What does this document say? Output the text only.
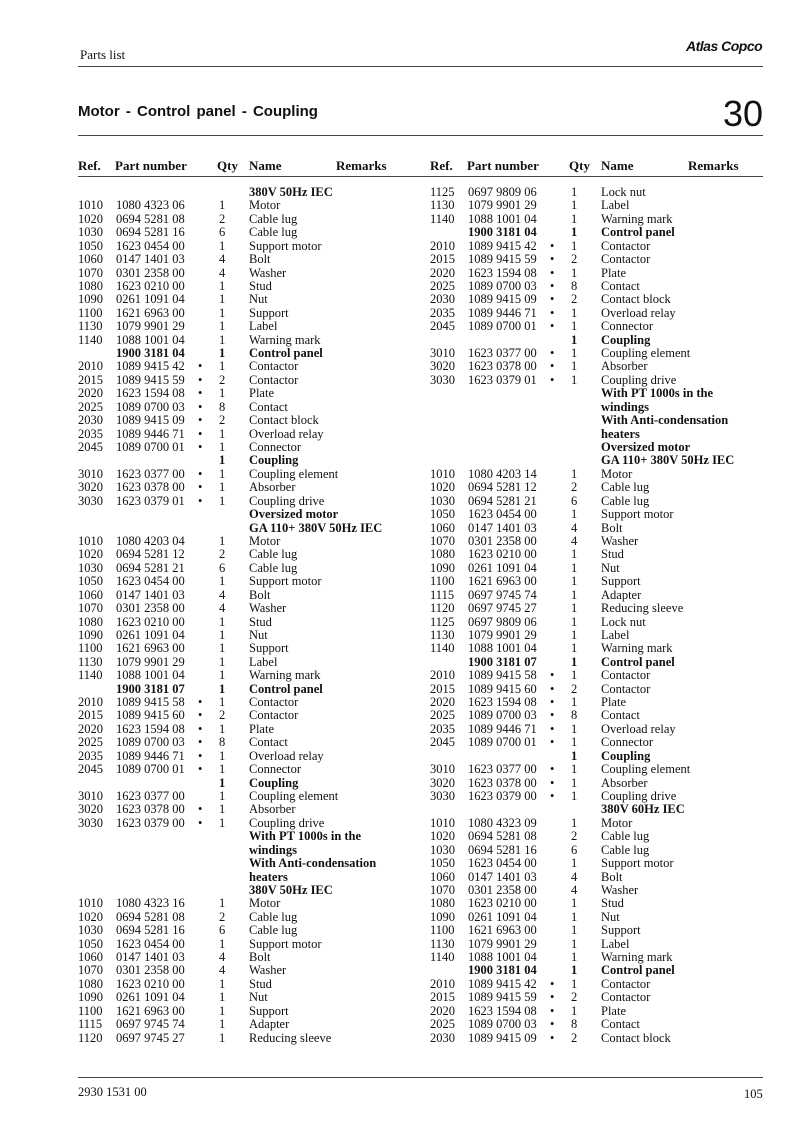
Parts list
Atlas Copco
Motor - Control panel - Coupling	30
Ref. Part number Qty Name	Remarks	Ref. Part number Qty Name	Remarks
380V 50Hz IEC
1010 1080 4323 06	1 Motor
1020 0694 5281 08	2 Cable lug
1030 0694 5281 16	6 Cable lug
1050 1623 0454 00	1 Support motor
1060 0147 1401 03	4 Bolt
1070 0301 2358 00	4 Washer
1080 1623 0210 00	1 Stud
1090 0261 1091 04	1 Nut
1100 1621 6963 00	1 Support
1130 1079 9901 29	1 Label
1140 1088 1001 04	1 Warning mark
1900 3181 04	1 Control panel
2010 1089 9415 42 • 1 Contactor
2015 1089 9415 59 • 2 Contactor
2020 1623 1594 08 • 1 Plate
2025 1089 0700 03 • 8 Contact
2030 1089 9415 09 • 2 Contact block
2035 1089 9446 71 • 1 Overload relay
2045 1089 0700 01 • 1 Connector
1 Coupling
3010 1623 0377 00 • 1 Coupling element
3020 1623 0378 00 • 1 Absorber
3030 1623 0379 01 • 1 Coupling drive
Oversized motor
GA 110+ 380V 50Hz IEC
1010 1080 4203 04	1 Motor
1020 0694 5281 12	2 Cable lug
1030 0694 5281 21	6 Cable lug
1050 1623 0454 00	1 Support motor
1060 0147 1401 03	4 Bolt
1070 0301 2358 00	4 Washer
1080 1623 0210 00	1 Stud
1090 0261 1091 04	1 Nut
1100 1621 6963 00	1 Support
1130 1079 9901 29	1 Label
1140 1088 1001 04	1 Warning mark
1900 3181 07	1 Control panel
2010 1089 9415 58 • 1 Contactor
2015 1089 9415 60 • 2 Contactor
2020 1623 1594 08 • 1 Plate
2025 1089 0700 03 • 8 Contact
2035 1089 9446 71 • 1 Overload relay
2045 1089 0700 01 • 1 Connector
1 Coupling
3010 1623 0377 00	1 Coupling element
3020 1623 0378 00 • 1 Absorber
3030 1623 0379 00 • 1 Coupling drive
With PT 1000s in the
windings
With Anti-condensation
heaters
380V 50Hz IEC
1010 1080 4323 16	1 Motor
1020 0694 5281 08	2 Cable lug
1030 0694 5281 16	6 Cable lug
1050 1623 0454 00	1 Support motor
1060 0147 1401 03	4 Bolt
1070 0301 2358 00	4 Washer
1080 1623 0210 00	1 Stud
1090 0261 1091 04	1 Nut
1100 1621 6963 00	1 Support
1115 0697 9745 74	1 Adapter
1120 0697 9745 27	1 Reducing sleeve
1125 0697 9809 06	1 Lock nut
1130 1079 9901 29	1 Label
1140 1088 1001 04	1 Warning mark
1900 3181 04	1 Control panel
2010 1089 9415 42 • 1 Contactor
2015 1089 9415 59 • 2 Contactor
2020 1623 1594 08 • 1 Plate
2025 1089 0700 03 • 8 Contact
2030 1089 9415 09 • 2 Contact block
2035 1089 9446 71 • 1 Overload relay
2045 1089 0700 01 • 1 Connector
1 Coupling
3010 1623 0377 00 • 1 Coupling element
3020 1623 0378 00 • 1 Absorber
3030 1623 0379 01 • 1 Coupling drive
With PT 1000s in the
windings
With Anti-condensation
heaters
Oversized motor
GA 110+ 380V 50Hz IEC
1010 1080 4203 14	1 Motor
1020 0694 5281 12	2 Cable lug
1030 0694 5281 21	6 Cable lug
1050 1623 0454 00	1 Support motor
1060 0147 1401 03	4 Bolt
1070 0301 2358 00	4 Washer
1080 1623 0210 00	1 Stud
1090 0261 1091 04	1 Nut
1100 1621 6963 00	1 Support
1115 0697 9745 74	1 Adapter
1120 0697 9745 27	1 Reducing sleeve
1125 0697 9809 06	1 Lock nut
1130 1079 9901 29	1 Label
1140 1088 1001 04	1 Warning mark
1900 3181 07	1 Control panel
2010 1089 9415 58 • 1 Contactor
2015 1089 9415 60 • 2 Contactor
2020 1623 1594 08 • 1 Plate
2025 1089 0700 03 • 8 Contact
2035 1089 9446 71 • 1 Overload relay
2045 1089 0700 01 • 1 Connector
1 Coupling
3010 1623 0377 00 • 1 Coupling element
3020 1623 0378 00 • 1 Absorber
3030 1623 0379 00 • 1 Coupling drive
380V 60Hz IEC
1010 1080 4323 09	1 Motor
1020 0694 5281 08	2 Cable lug
1030 0694 5281 16	6 Cable lug
1050 1623 0454 00	1 Support motor
1060 0147 1401 03	4 Bolt
1070 0301 2358 00	4 Washer
1080 1623 0210 00	1 Stud
1090 0261 1091 04	1 Nut
1100 1621 6963 00	1 Support
1130 1079 9901 29	1 Label
1140 1088 1001 04	1 Warning mark
1900 3181 04	1 Control panel
2010 1089 9415 42 • 1 Contactor
2015 1089 9415 59 • 2 Contactor
2020 1623 1594 08 • 1 Plate
2025 1089 0700 03 • 8 Contact
2030 1089 9415 09 • 2 Contact block
2930 1531 00	105
